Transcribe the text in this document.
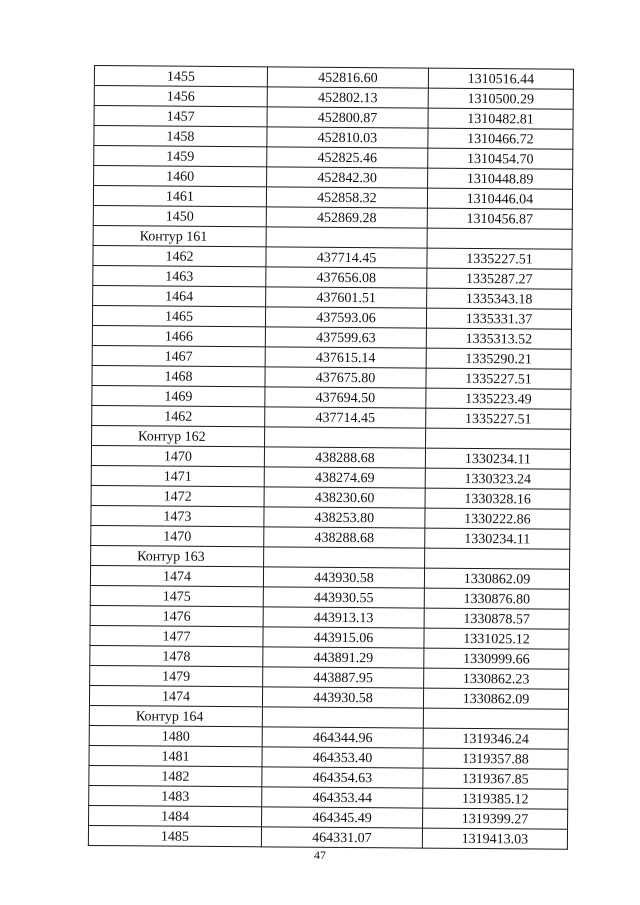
1455	452816.60	1310516.44
1456	452802.13	1310500.29
1457	452800.87	1310482.81
1458	452810.03	1310466.72
1459	452825.46	1310454.70
1460	452842.30	1310448.89
1461	452858.32	1310446.04
1450	452869.28	1310456.87
Контур 161		
1462	437714.45	1335227.51
1463	437656.08	1335287.27
1464	437601.51	1335343.18
1465	437593.06	1335331.37
1466	437599.63	1335313.52
1467	437615.14	1335290.21
1468	437675.80	1335227.51
1469	437694.50	1335223.49
1462	437714.45	1335227.51
Контур 162		
1470	438288.68	1330234.11
1471	438274.69	1330323.24
1472	438230.60	1330328.16
1473	438253.80	1330222.86
1470	438288.68	1330234.11
Контур 163		
1474	443930.58	1330862.09
1475	443930.55	1330876.80
1476	443913.13	1330878.57
1477	443915.06	1331025.12
1478	443891.29	1330999.66
1479	443887.95	1330862.23
1474	443930.58	1330862.09
Контур 164		
1480	464344.96	1319346.24
1481	464353.40	1319357.88
1482	464354.63	1319367.85
1483	464353.44	1319385.12
1484	464345.49	1319399.27
1485	464331.07	1319413.03
47
